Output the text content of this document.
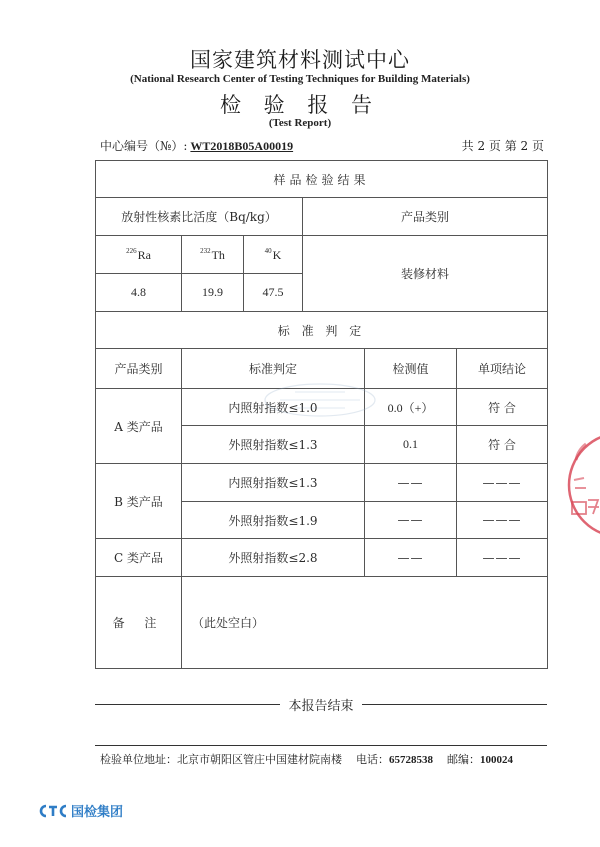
国家建筑材料测试中心
(National Research Center of Testing Techniques for Building Materials)
检 验 报 告
(Test Report)
中心编号（№）: WT2018B05A00019	共 2 页 第 2 页
样品检验结果					
放射性核素比活度（Bq/kg）			产品类别		
$^{226}$Ra	$^{232}$Th	$^{40}$K	装修材料		
4.8	19.9	47.5			
标 准 判 定					
产品类别	标准判定			检测值	单项结论
A 类产品	内照射指数≤1.0			0.0（+）	符 合
	外照射指数≤1.3			0.1	符 合
B 类产品	内照射指数≤1.3			——	———
	外照射指数≤1.9			——	———
C 类产品	外照射指数≤2.8			——	———
备 注	（此处空白）				
本报告结束
检验单位地址：北京市朝阳区管庄中国建材院南楼 电话：65728538 邮编：100024
国检集团
